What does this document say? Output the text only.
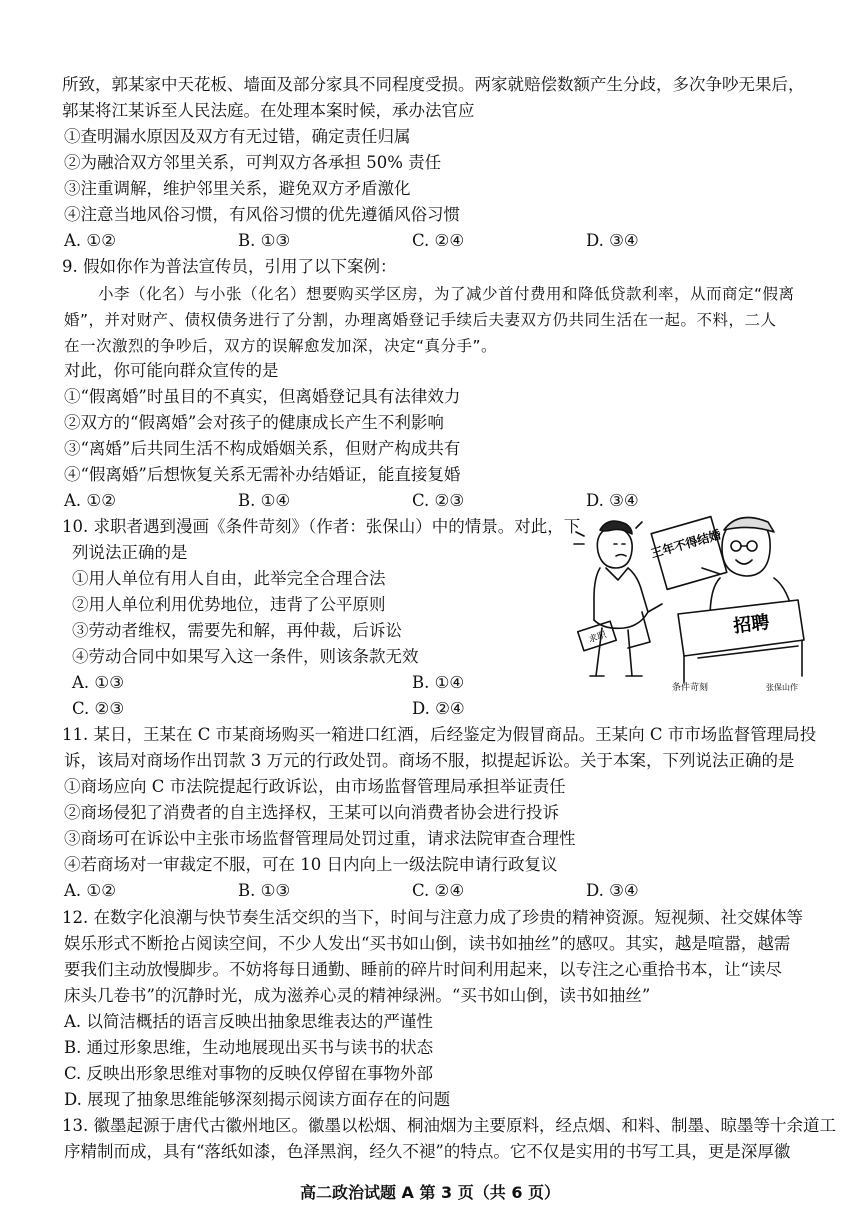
所致，郭某家中天花板、墙面及部分家具不同程度受损。两家就赔偿数额产生分歧，多次争吵无果后，
郭某将江某诉至人民法庭。在处理本案时候，承办法官应
①查明漏水原因及双方有无过错，确定责任归属
②为融洽双方邻里关系，可判双方各承担 50% 责任
③注重调解，维护邻里关系，避免双方矛盾激化
④注意当地风俗习惯，有风俗习惯的优先遵循风俗习惯
A. ①②	B. ①③	C. ②④	D. ③④
9. 假如你作为普法宣传员，引用了以下案例：
小李（化名）与小张（化名）想要购买学区房，为了减少首付费用和降低贷款利率，从而商定“假离
婚”，并对财产、债权债务进行了分割，办理离婚登记手续后夫妻双方仍共同生活在一起。不料，二人
在一次激烈的争吵后，双方的误解愈发加深，决定“真分手”。
对此，你可能向群众宣传的是
①“假离婚”时虽目的不真实，但离婚登记具有法律效力
②双方的“假离婚”会对孩子的健康成长产生不利影响
③“离婚”后共同生活不构成婚姻关系，但财产构成共有
④“假离婚”后想恢复关系无需补办结婚证，能直接复婚
A. ①②	B. ①④	C. ②③	D. ③④
10. 求职者遇到漫画《条件苛刻》（作者：张保山）中的情景。对此，下
列说法正确的是
①用人单位有用人自由，此举完全合理合法
②用人单位利用优势地位，违背了公平原则
③劳动者维权，需要先和解，再仲裁，后诉讼
④劳动合同中如果写入这一条件，则该条款无效
A. ①③	B. ①④
C. ②③	D. ②④
三年不得结婚
招聘
求职
条件苛刻	张保山作
11. 某日，王某在 C 市某商场购买一箱进口红酒，后经鉴定为假冒商品。王某向 C 市市场监督管理局投
诉，该局对商场作出罚款 3 万元的行政处罚。商场不服，拟提起诉讼。关于本案，下列说法正确的是
①商场应向 C 市法院提起行政诉讼，由市场监督管理局承担举证责任
②商场侵犯了消费者的自主选择权，王某可以向消费者协会进行投诉
③商场可在诉讼中主张市场监督管理局处罚过重，请求法院审查合理性
④若商场对一审裁定不服，可在 10 日内向上一级法院申请行政复议
A. ①②	B. ①③	C. ②④	D. ③④
12. 在数字化浪潮与快节奏生活交织的当下，时间与注意力成了珍贵的精神资源。短视频、社交媒体等
娱乐形式不断抢占阅读空间，不少人发出“买书如山倒，读书如抽丝”的感叹。其实，越是喧嚣，越需
要我们主动放慢脚步。不妨将每日通勤、睡前的碎片时间利用起来，以专注之心重拾书本，让“读尽
床头几卷书”的沉静时光，成为滋养心灵的精神绿洲。“买书如山倒，读书如抽丝”
A. 以简洁概括的语言反映出抽象思维表达的严谨性
B. 通过形象思维，生动地展现出买书与读书的状态
C. 反映出形象思维对事物的反映仅停留在事物外部
D. 展现了抽象思维能够深刻揭示阅读方面存在的问题
13. 徽墨起源于唐代古徽州地区。徽墨以松烟、桐油烟为主要原料，经点烟、和料、制墨、晾墨等十余道工
序精制而成，具有“落纸如漆，色泽黑润，经久不褪”的特点。它不仅是实用的书写工具，更是深厚徽
高二政治试题 A 第 3 页（共 6 页）
